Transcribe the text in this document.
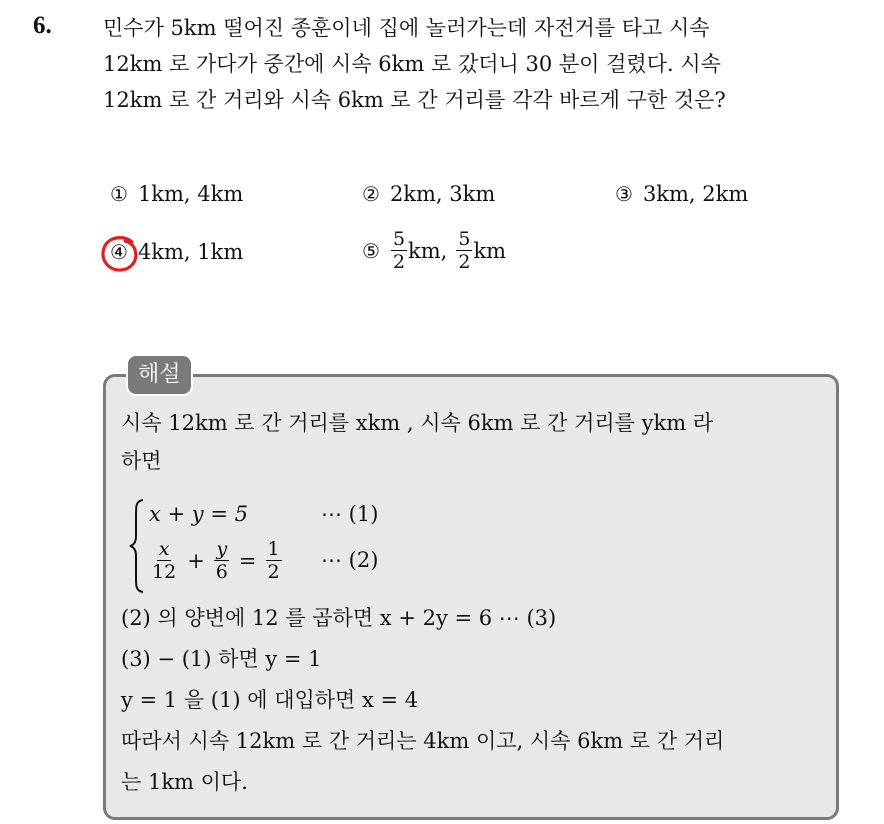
6. 민수가 5km 떨어진 종훈이네 집에 놀러가는데 자전거를 타고 시속
12km 로 가다가 중간에 시속 6km 로 갔더니 30 분이 걸렸다. 시속
12km 로 간 거리와 시속 6km 로 간 거리를 각각 바르게 구한 것은?
① 1km, 4km	② 2km, 3km	③ 3km, 2km
④ 4km, 1km	⑤ $\frac{5}{2}$ km, $\frac{5}{2}$ km
해설
시속 12km 로 간 거리를 xkm , 시속 6km 로 간 거리를 ykm 라
하면
x + y = 5	⋯ (1)
$\frac{x}{12} + \frac{y}{6} = \frac{1}{2}$ ⋯ (2)
(2) 의 양변에 12 를 곱하면 x + 2y = 6 ⋯ (3)
(3) − (1) 하면 y = 1
y = 1 을 (1) 에 대입하면 x = 4
따라서 시속 12km 로 간 거리는 4km 이고, 시속 6km 로 간 거리
는 1km 이다.
